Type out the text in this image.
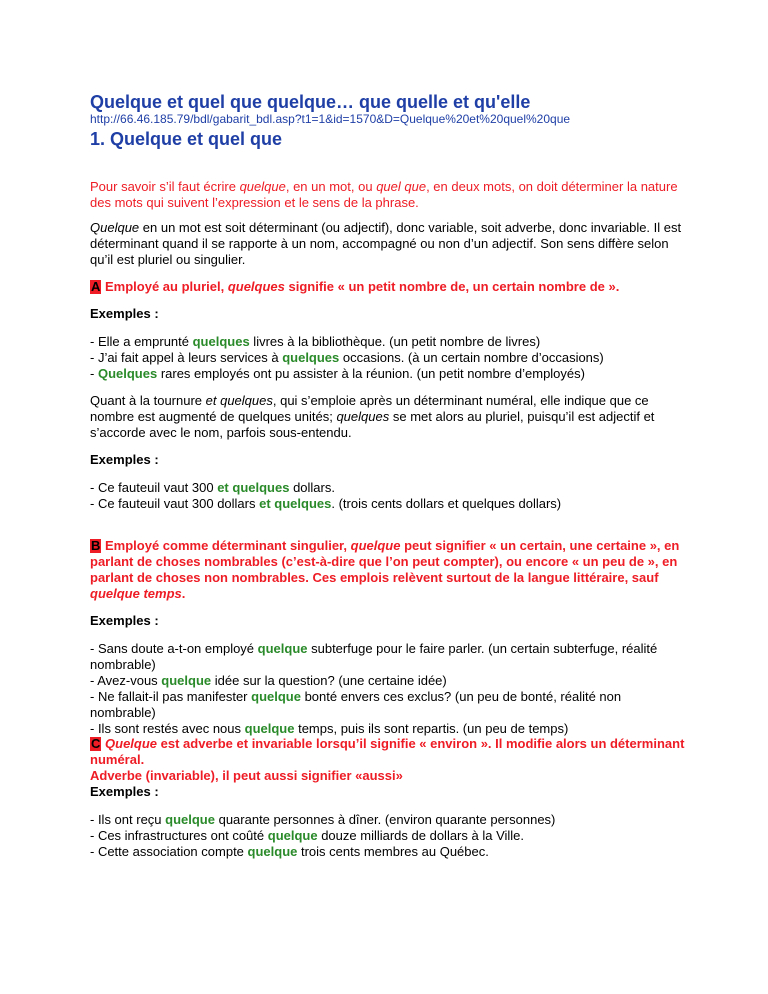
Quelque et quel que quelque… que quelle et qu'elle

http://66.46.185.79/bdl/gabarit_bdl.asp?t1=1&id=1570&D=Quelque%20et%20quel%20que

1. Quelque et quel que

Pour savoir s’il faut écrire quelque, en un mot, ou quel que, en deux mots, on doit déterminer la nature des mots qui suivent l’expression et le sens de la phrase.

Quelque en un mot est soit déterminant (ou adjectif), donc variable, soit adverbe, donc invariable. Il est déterminant quand il se rapporte à un nom, accompagné ou non d’un adjectif. Son sens diffère selon qu’il est pluriel ou singulier.

A Employé au pluriel, quelques signifie « un petit nombre de, un certain nombre de ».

Exemples :

- Elle a emprunté quelques livres à la bibliothèque. (un petit nombre de livres)

- J’ai fait appel à leurs services à quelques occasions. (à un certain nombre d’occasions)

- Quelques rares employés ont pu assister à la réunion. (un petit nombre d’employés)

Quant à la tournure et quelques, qui s’emploie après un déterminant numéral, elle indique que ce nombre est augmenté de quelques unités; quelques se met alors au pluriel, puisqu’il est adjectif et s’accorde avec le nom, parfois sous-entendu.

Exemples :

- Ce fauteuil vaut 300 et quelques dollars.

- Ce fauteuil vaut 300 dollars et quelques. (trois cents dollars et quelques dollars)

B Employé comme déterminant singulier, quelque peut signifier « un certain, une certaine », en parlant de choses nombrables (c’est-à-dire que l’on peut compter), ou encore « un peu de », en parlant de choses non nombrables. Ces emplois relèvent surtout de la langue littéraire, sauf quelque temps.

Exemples :

- Sans doute a-t-on employé quelque subterfuge pour le faire parler. (un certain subterfuge, réalité nombrable)

- Avez-vous quelque idée sur la question? (une certaine idée)

- Ne fallait-il pas manifester quelque bonté envers ces exclus? (un peu de bonté, réalité non nombrable)

- Ils sont restés avec nous quelque temps, puis ils sont repartis. (un peu de temps)

C Quelque est adverbe et invariable lorsqu’il signifie « environ ». Il modifie alors un déterminant numéral.
Adverbe (invariable), il peut aussi signifier «aussi»

Exemples :

- Ils ont reçu quelque quarante personnes à dîner. (environ quarante personnes)

- Ces infrastructures ont coûté quelque douze milliards de dollars à la Ville.

- Cette association compte quelque trois cents membres au Québec.
